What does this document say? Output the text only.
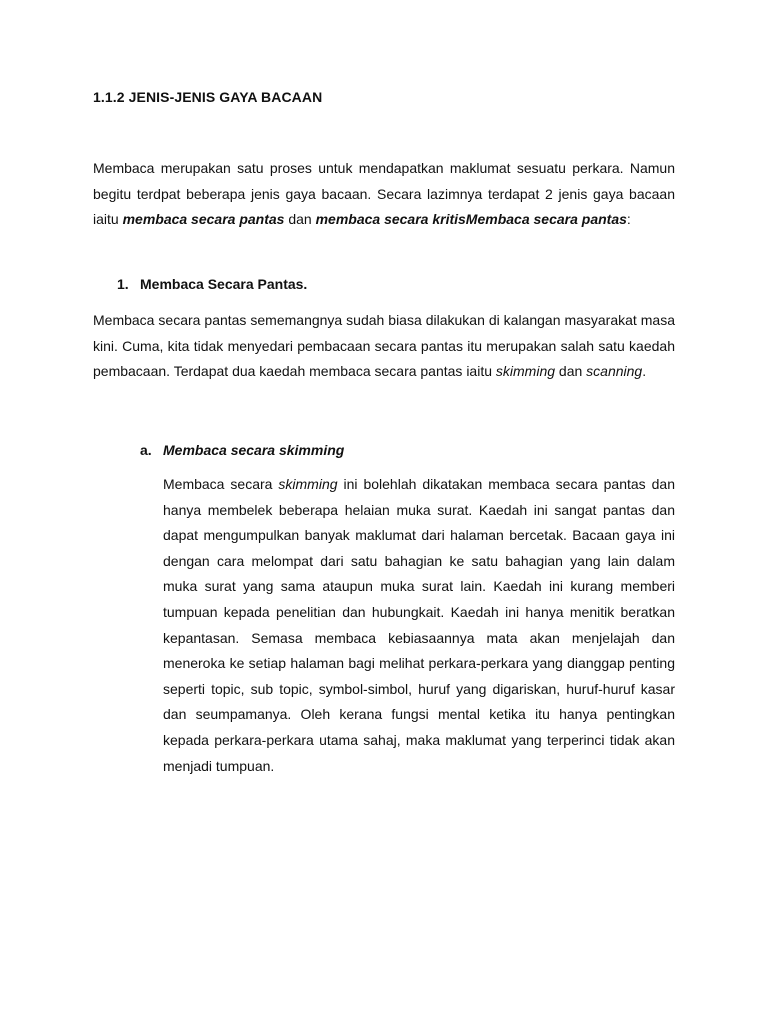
1.1.2 JENIS-JENIS GAYA BACAAN

Membaca merupakan satu proses untuk mendapatkan maklumat sesuatu perkara. Namun begitu terdpat beberapa jenis gaya bacaan. Secara lazimnya terdapat 2 jenis gaya bacaan iaitu membaca secara pantas dan membaca secara kritisMembaca secara pantas:

1. Membaca Secara Pantas.

Membaca secara pantas sememangnya sudah biasa dilakukan di kalangan masyarakat masa kini. Cuma, kita tidak menyedari pembacaan secara pantas itu merupakan salah satu kaedah pembacaan. Terdapat dua kaedah membaca secara pantas iaitu skimming dan scanning.

a. Membaca secara skimming

Membaca secara skimming ini bolehlah dikatakan membaca secara pantas dan hanya membelek beberapa helaian muka surat. Kaedah ini sangat pantas dan dapat mengumpulkan banyak maklumat dari halaman bercetak. Bacaan gaya ini dengan cara melompat dari satu bahagian ke satu bahagian yang lain dalam muka surat yang sama ataupun muka surat lain. Kaedah ini kurang memberi tumpuan kepada penelitian dan hubungkait. Kaedah ini hanya menitik beratkan kepantasan. Semasa membaca kebiasaannya mata akan menjelajah dan meneroka ke setiap halaman bagi melihat perkara-perkara yang dianggap penting seperti topic, sub topic, symbol-simbol, huruf yang digariskan, huruf-huruf kasar dan seumpamanya. Oleh kerana fungsi mental ketika itu hanya pentingkan kepada perkara-perkara utama sahaj, maka maklumat yang terperinci tidak akan menjadi tumpuan.
